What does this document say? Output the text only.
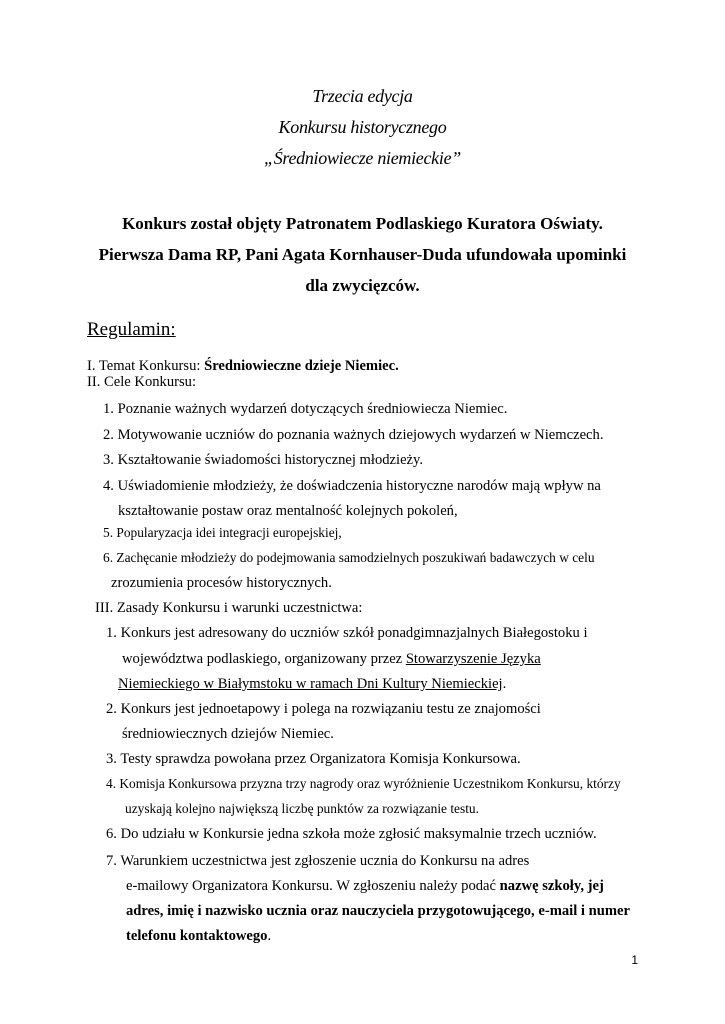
Trzecia edycja
Konkursu historycznego
„Średniowiecze niemieckie”
Konkurs został objęty Patronatem Podlaskiego Kuratora Oświaty.
Pierwsza Dama RP, Pani Agata Kornhauser-Duda ufundowała upominki
dla zwycięzców.
Regulamin:
I. Temat Konkursu: Średniowieczne dzieje Niemiec.
II. Cele Konkursu:
1. Poznanie ważnych wydarzeń dotyczących średniowiecza Niemiec.
2. Motywowanie uczniów do poznania ważnych dziejowych wydarzeń w Niemczech.
3. Kształtowanie świadomości historycznej młodzieży.
4. Uświadomienie młodzieży, że doświadczenia historyczne narodów mają wpływ na
kształtowanie postaw oraz mentalność kolejnych pokoleń,
5. Popularyzacja idei integracji europejskiej,
6. Zachęcanie młodzieży do podejmowania samodzielnych poszukiwań badawczych w celu
zrozumienia procesów historycznych.
III. Zasady Konkursu i warunki uczestnictwa:
1. Konkurs jest adresowany do uczniów szkół ponadgimnazjalnych Białegostoku i
województwa podlaskiego, organizowany przez Stowarzyszenie Języka
Niemieckiego w Białymstoku w ramach Dni Kultury Niemieckiej.
2. Konkurs jest jednoetapowy i polega na rozwiązaniu testu ze znajomości
średniowiecznych dziejów Niemiec.
3. Testy sprawdza powołana przez Organizatora Komisja Konkursowa.
4. Komisja Konkursowa przyzna trzy nagrody oraz wyróżnienie Uczestnikom Konkursu, którzy
uzyskają kolejno największą liczbę punktów za rozwiązanie testu.
6. Do udziału w Konkursie jedna szkoła może zgłosić maksymalnie trzech uczniów.
7. Warunkiem uczestnictwa jest zgłoszenie ucznia do Konkursu na adres
e-mailowy Organizatora Konkursu. W zgłoszeniu należy podać nazwę szkoły, jej
adres, imię i nazwisko ucznia oraz nauczyciela przygotowującego, e-mail i numer
telefonu kontaktowego.
1
